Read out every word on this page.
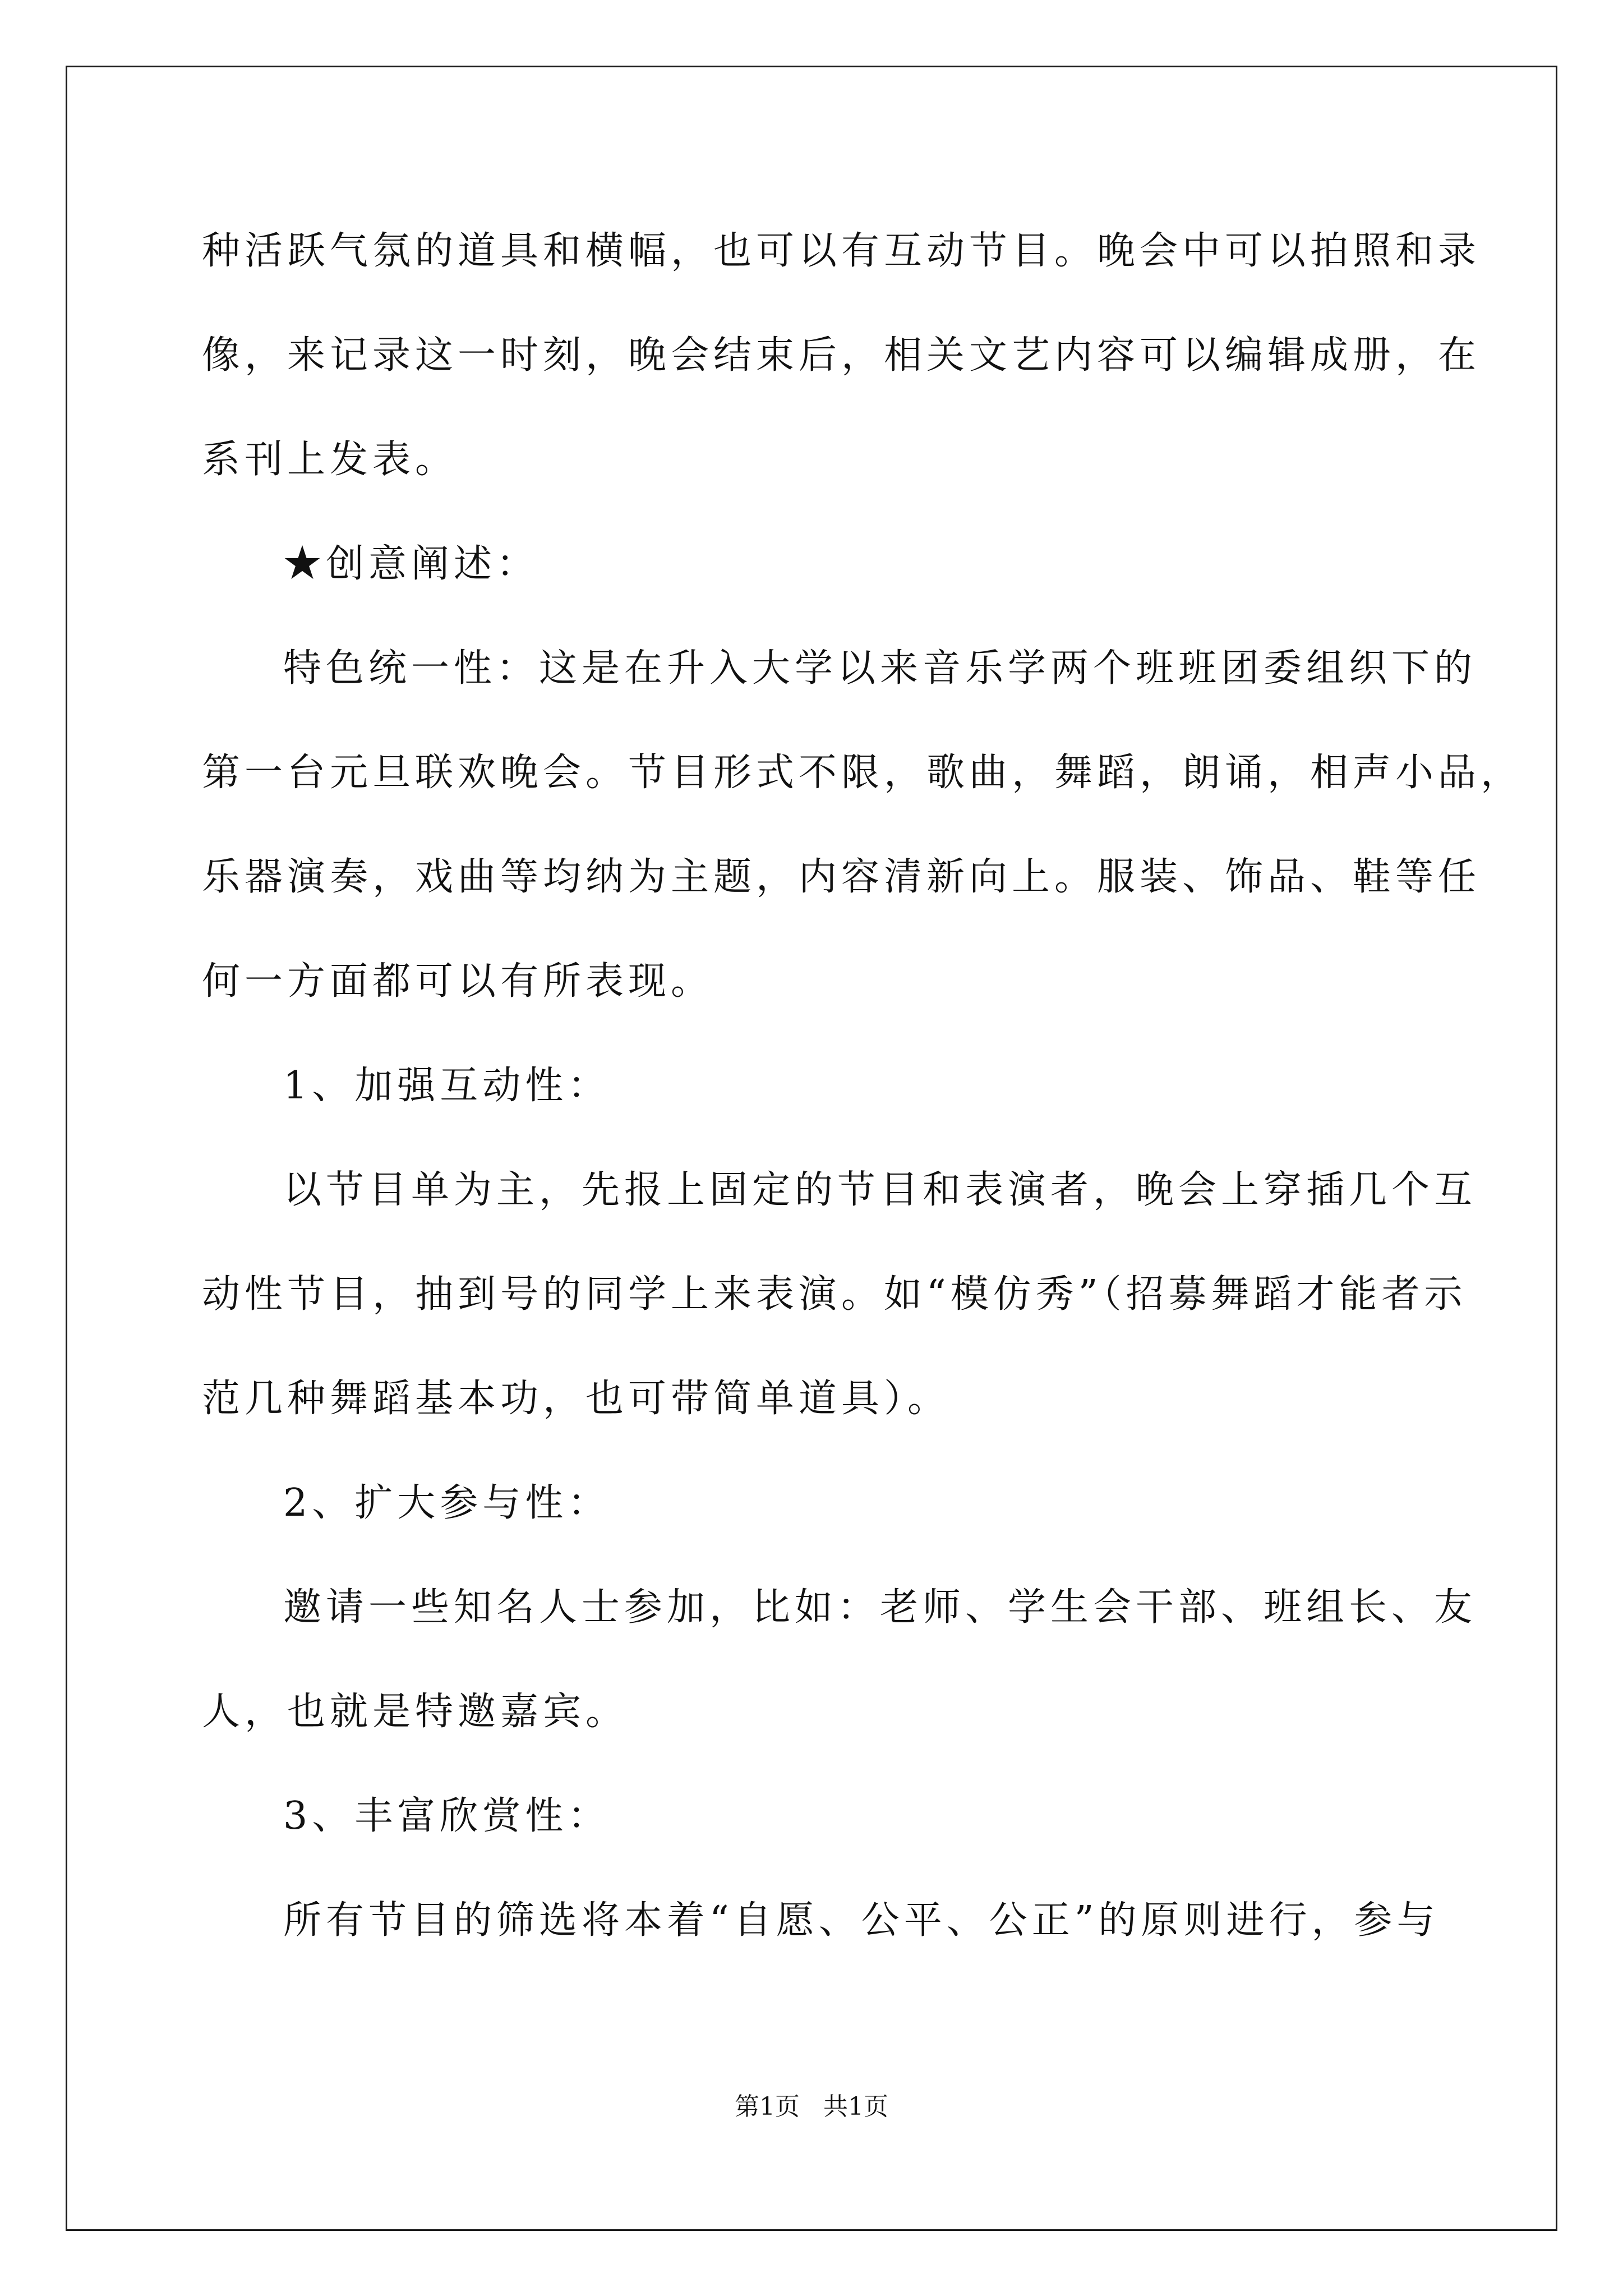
种活跃气氛的道具和横幅，也可以有互动节目。晚会中可以拍照和录
像，来记录这一时刻，晚会结束后，相关文艺内容可以编辑成册，在
系刊上发表。
★创意阐述：
特色统一性：这是在升入大学以来音乐学两个班班团委组织下的
第一台元旦联欢晚会。节目形式不限，歌曲，舞蹈，朗诵，相声小品，
乐器演奏，戏曲等均纳为主题，内容清新向上。服装、饰品、鞋等任
何一方面都可以有所表现。
1、加强互动性：
以节目单为主，先报上固定的节目和表演者，晚会上穿插几个互
动性节目，抽到号的同学上来表演。如“模仿秀”（招募舞蹈才能者示
范几种舞蹈基本功，也可带简单道具）。
2、扩大参与性：
邀请一些知名人士参加，比如：老师、学生会干部、班组长、友
人，也就是特邀嘉宾。
3、丰富欣赏性：
所有节目的筛选将本着“自愿、公平、公正”的原则进行，参与
第1页   共1页
